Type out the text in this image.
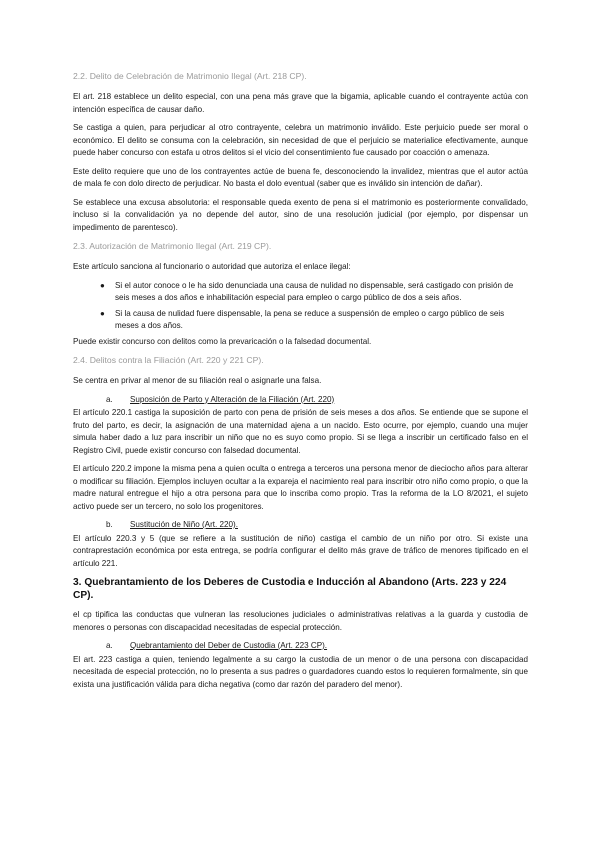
2.2. Delito de Celebración de Matrimonio Ilegal (Art. 218 CP).

El art. 218 establece un delito especial, con una pena más grave que la bigamia, aplicable cuando el contrayente actúa con intención específica de causar daño.

Se castiga a quien, para perjudicar al otro contrayente, celebra un matrimonio inválido. Este perjuicio puede ser moral o económico. El delito se consuma con la celebración, sin necesidad de que el perjuicio se materialice efectivamente, aunque puede haber concurso con estafa u otros delitos si el vicio del consentimiento fue causado por coacción o amenaza.

Este delito requiere que uno de los contrayentes actúe de buena fe, desconociendo la invalidez, mientras que el autor actúa de mala fe con dolo directo de perjudicar. No basta el dolo eventual (saber que es inválido sin intención de dañar).

Se establece una excusa absolutoria: el responsable queda exento de pena si el matrimonio es posteriormente convalidado, incluso si la convalidación ya no depende del autor, sino de una resolución judicial (por ejemplo, por dispensar un impedimento de parentesco).

2.3. Autorización de Matrimonio Ilegal (Art. 219 CP).

Este artículo sanciona al funcionario o autoridad que autoriza el enlace ilegal:

● Si el autor conoce o le ha sido denunciada una causa de nulidad no dispensable, será castigado con prisión de seis meses a dos años e inhabilitación especial para empleo o cargo público de dos a seis años.
● Si la causa de nulidad fuere dispensable, la pena se reduce a suspensión de empleo o cargo público de seis meses a dos años.

Puede existir concurso con delitos como la prevaricación o la falsedad documental.

2.4. Delitos contra la Filiación (Art. 220 y 221 CP).

Se centra en privar al menor de su filiación real o asignarle una falsa.

a. Suposición de Parto y Alteración de la Filiación (Art. 220)

El artículo 220.1 castiga la suposición de parto con pena de prisión de seis meses a dos años. Se entiende que se supone el fruto del parto, es decir, la asignación de una maternidad ajena a un nacido. Esto ocurre, por ejemplo, cuando una mujer simula haber dado a luz para inscribir un niño que no es suyo como propio. Si se llega a inscribir un certificado falso en el Registro Civil, puede existir concurso con falsedad documental.

El artículo 220.2 impone la misma pena a quien oculta o entrega a terceros una persona menor de dieciocho años para alterar o modificar su filiación. Ejemplos incluyen ocultar a la expareja el nacimiento real para inscribir otro niño como propio, o que la madre natural entregue el hijo a otra persona para que lo inscriba como propio. Tras la reforma de la LO 8/2021, el sujeto activo puede ser un tercero, no solo los progenitores.

b. Sustitución de Niño (Art. 220).

El artículo 220.3 y 5 (que se refiere a la sustitución de niño) castiga el cambio de un niño por otro. Si existe una contraprestación económica por esta entrega, se podría configurar el delito más grave de tráfico de menores tipificado en el artículo 221.

3. Quebrantamiento de los Deberes de Custodia e Inducción al Abandono (Arts. 223 y 224 CP).

el cp tipifica las conductas que vulneran las resoluciones judiciales o administrativas relativas a la guarda y custodia de menores o personas con discapacidad necesitadas de especial protección.

a. Quebrantamiento del Deber de Custodia (Art. 223 CP).

El art. 223 castiga a quien, teniendo legalmente a su cargo la custodia de un menor o de una persona con discapacidad necesitada de especial protección, no lo presenta a sus padres o guardadores cuando estos lo requieren formalmente, sin que exista una justificación válida para dicha negativa (como dar razón del paradero del menor).
